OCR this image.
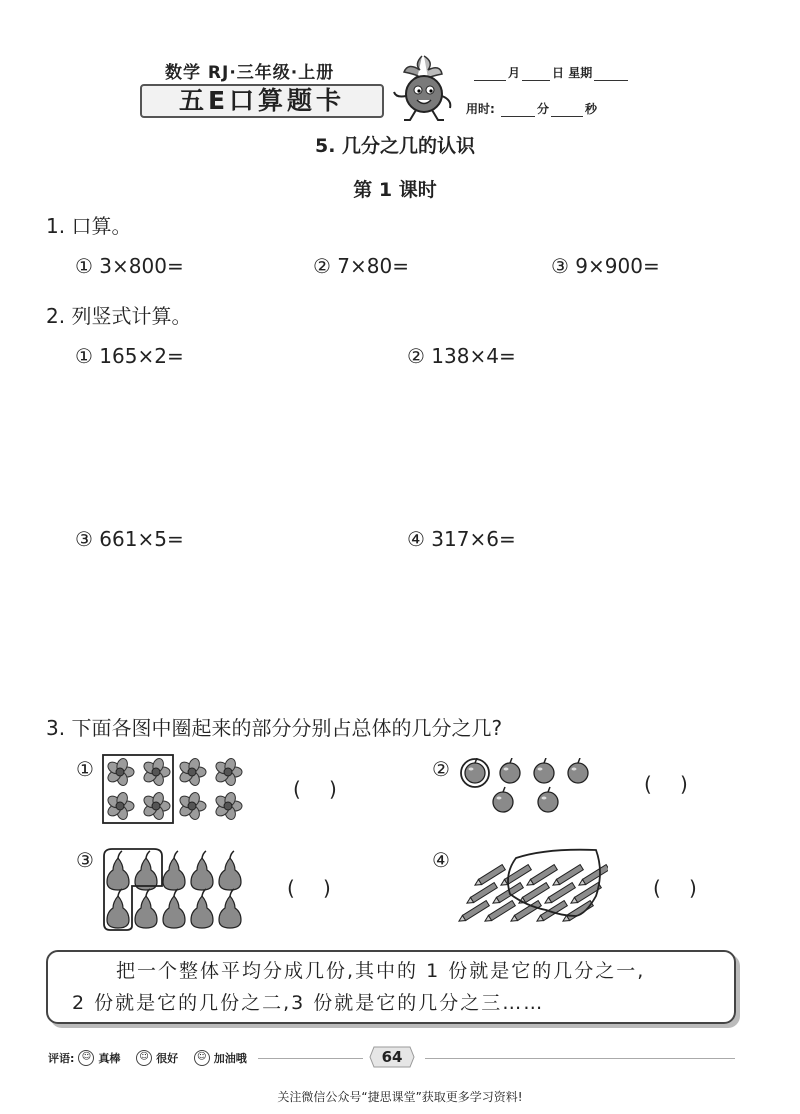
数学 RJ·三年级·上册
五E口算题卡
月	日 星期
用时:	分	秒
5. 几分之几的认识
第 1 课时
1. 口算。
① 3×800=	② 7×80=	③ 9×900=
2. 列竖式计算。
① 165×2=	② 138×4=
③ 661×5=	④ 317×6=
3. 下面各图中圈起来的部分分别占总体的几分之几?
①	②
③	④
( )	( )
( )	( )
把一个整体平均分成几份,其中的 1 份就是它的几分之一,
2 份就是它的几份之二,3 份就是它的几分之三……
评语: ☺ 真棒
	☺ 很好
	☺ 加油哦	64
关注微信公众号“捷思课堂”获取更多学习资料!
